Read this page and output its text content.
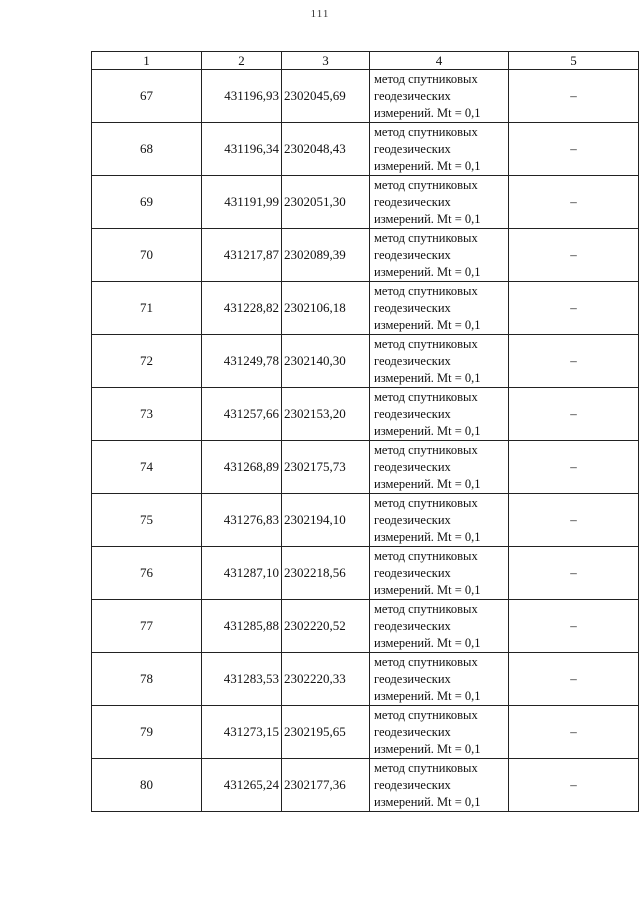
111
1	2	3	4	5
67	431196,93	2302045,69	метод спутниковых
геодезических
измерений. Mt = 0,1	–
68	431196,34	2302048,43	метод спутниковых
геодезических
измерений. Mt = 0,1	–
69	431191,99	2302051,30	метод спутниковых
геодезических
измерений. Mt = 0,1	–
70	431217,87	2302089,39	метод спутниковых
геодезических
измерений. Mt = 0,1	–
71	431228,82	2302106,18	метод спутниковых
геодезических
измерений. Mt = 0,1	–
72	431249,78	2302140,30	метод спутниковых
геодезических
измерений. Mt = 0,1	–
73	431257,66	2302153,20	метод спутниковых
геодезических
измерений. Mt = 0,1	–
74	431268,89	2302175,73	метод спутниковых
геодезических
измерений. Mt = 0,1	–
75	431276,83	2302194,10	метод спутниковых
геодезических
измерений. Mt = 0,1	–
76	431287,10	2302218,56	метод спутниковых
геодезических
измерений. Mt = 0,1	–
77	431285,88	2302220,52	метод спутниковых
геодезических
измерений. Mt = 0,1	–
78	431283,53	2302220,33	метод спутниковых
геодезических
измерений. Mt = 0,1	–
79	431273,15	2302195,65	метод спутниковых
геодезических
измерений. Mt = 0,1	–
80	431265,24	2302177,36	метод спутниковых
геодезических
измерений. Mt = 0,1	–
